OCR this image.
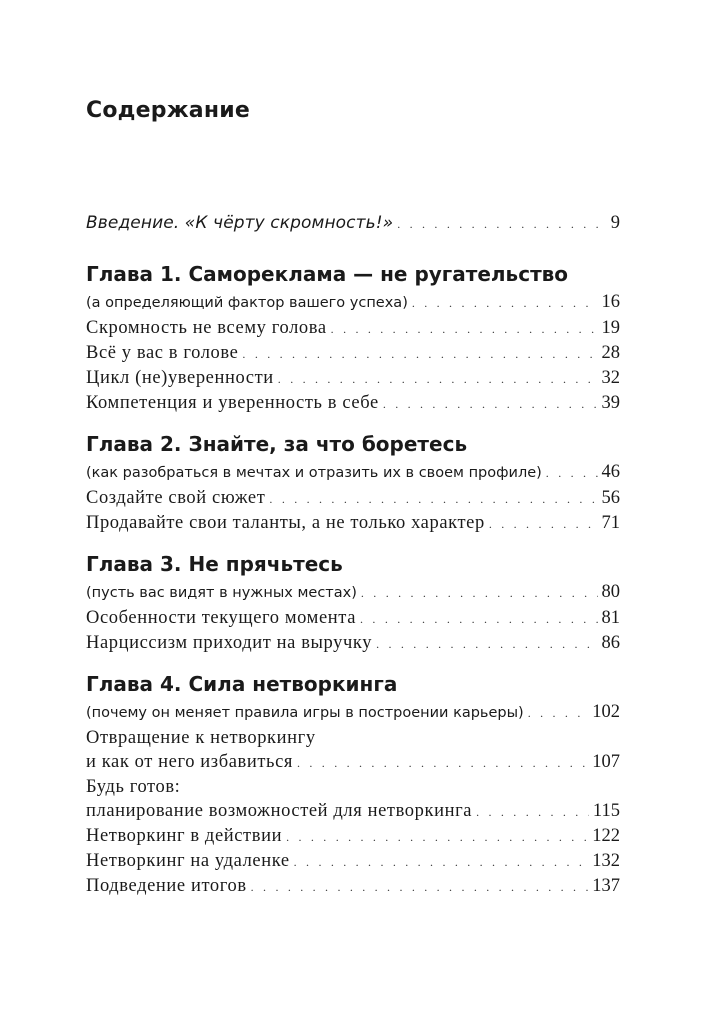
Содержание
Введение. «К чёрту скромность!» . . .	9
Глава 1. Самореклама — не ругательство
(а определяющий фактор вашего успеха) . . .	16
Скромность не всему голова . . .	19
Всё у вас в голове . . .	28
Цикл (не)уверенности . . .	32
Компетенция и уверенность в себе . . .	39
Глава 2. Знайте, за что боретесь
(как разобраться в мечтах и отразить их в своем профиле) . . .	46
Создайте свой сюжет . . .	56
Продавайте свои таланты, а не только характер . . .	71
Глава 3. Не прячьтесь
(пусть вас видят в нужных местах) . . .	80
Особенности текущего момента . . .	81
Нарциссизм приходит на выручку . . .	86
Глава 4. Сила нетворкинга
(почему он меняет правила игры в построении карьеры) . . .	102
Отвращение к нетворкингу
и как от него избавиться . . .	107
Будь готов:
планирование возможностей для нетворкинга . . .	115
Нетворкинг в действии . . .	122
Нетворкинг на удаленке . . .	132
Подведение итогов . . .	137
